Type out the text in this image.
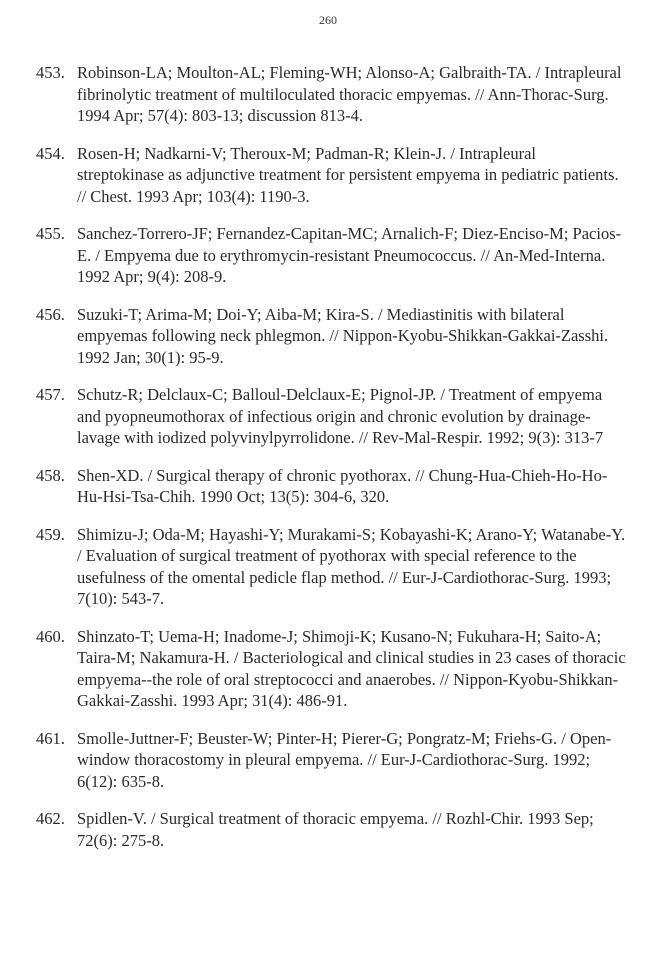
260
453. Robinson-LA; Moulton-AL; Fleming-WH; Alonso-A; Galbraith-TA. / Intrapleural fibrinolytic treatment of multiloculated thoracic empyemas. // Ann-Thorac-Surg. 1994 Apr; 57(4): 803-13; discussion 813-4.
454. Rosen-H; Nadkarni-V; Theroux-M; Padman-R; Klein-J. / Intrapleural streptokinase as adjunctive treatment for persistent empyema in pediatric patients. // Chest. 1993 Apr; 103(4): 1190-3.
455. Sanchez-Torrero-JF; Fernandez-Capitan-MC; Arnalich-F; Diez-Enciso-M; Pacios-E. / Empyema due to erythromycin-resistant Pneumococcus. // An-Med-Interna. 1992 Apr; 9(4): 208-9.
456. Suzuki-T; Arima-M; Doi-Y; Aiba-M; Kira-S. / Mediastinitis with bilateral empyemas following neck phlegmon. // Nippon-Kyobu-Shikkan-Gakkai-Zasshi. 1992 Jan; 30(1): 95-9.
457. Schutz-R; Delclaux-C; Balloul-Delclaux-E; Pignol-JP. / Treatment of empyema and pyopneumothorax of infectious origin and chronic evolution by drainage-lavage with iodized polyvinylpyrrolidone. // Rev-Mal-Respir. 1992; 9(3): 313-7
458. Shen-XD. / Surgical therapy of chronic pyothorax. // Chung-Hua-Chieh-Ho-Ho-Hu-Hsi-Tsa-Chih. 1990 Oct; 13(5): 304-6, 320.
459. Shimizu-J; Oda-M; Hayashi-Y; Murakami-S; Kobayashi-K; Arano-Y; Watanabe-Y. / Evaluation of surgical treatment of pyothorax with special reference to the usefulness of the omental pedicle flap method. // Eur-J-Cardiothorac-Surg. 1993; 7(10): 543-7.
460. Shinzato-T; Uema-H; Inadome-J; Shimoji-K; Kusano-N; Fukuhara-H; Saito-A; Taira-M; Nakamura-H. / Bacteriological and clinical studies in 23 cases of thoracic empyema--the role of oral streptococci and anaerobes. // Nippon-Kyobu-Shikkan-Gakkai-Zasshi. 1993 Apr; 31(4): 486-91.
461. Smolle-Juttner-F; Beuster-W; Pinter-H; Pierer-G; Pongratz-M; Friehs-G. / Open-window thoracostomy in pleural empyema. // Eur-J-Cardiothorac-Surg. 1992; 6(12): 635-8.
462. Spidlen-V. / Surgical treatment of thoracic empyema. // Rozhl-Chir. 1993 Sep; 72(6): 275-8.
